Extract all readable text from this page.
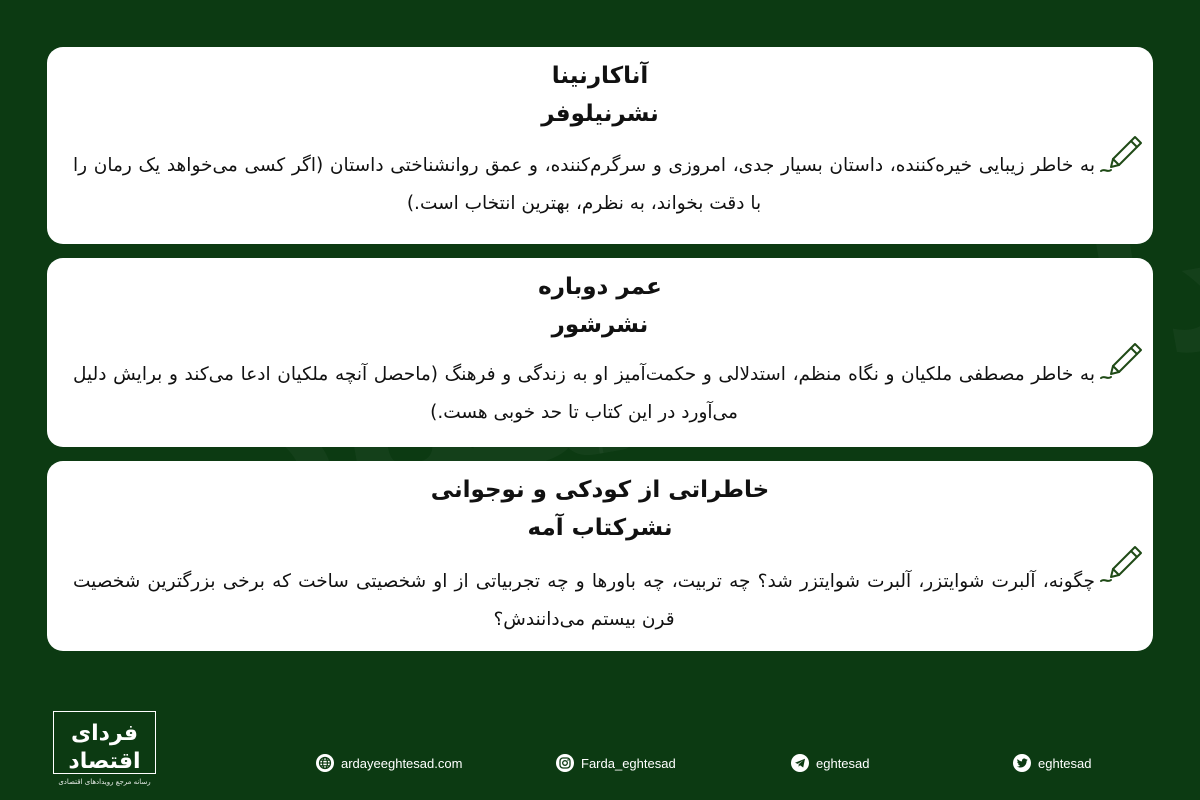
آناکارنینا
نشرنیلوفر
به خاطر زیبایی خیره‌کننده، داستان بسیار جدی، امروزی و سرگرم‌کننده، و عمق روانشناختی داستان (اگر کسی می‌خواهد یک رمان را با دقت بخواند، به نظرم، بهترین انتخاب است.)
عمر دوباره
نشرشور
به خاطر مصطفی ملکیان و نگاه منظم، استدلالی و حکمت‌آمیز او به زندگی و فرهنگ (ماحصل آنچه ملکیان ادعا می‌کند و برایش دلیل می‌آورد در این کتاب تا حد خوبی هست.)
خاطراتی از کودکی و نوجوانی
نشرکتاب آمه
چگونه، آلبرت شوایتزر، آلبرت شوایتزر شد؟ چه تربیت، چه باورها و چه تجربیاتی از او شخصیتی ساخت که برخی بزرگترین شخصیت قرن بیستم می‌دانندش؟
فردای اقتصاد
رسانه مرجع رویدادهای اقتصادی
ardayeeghtesad.com	Farda_eghtesad	eghtesad	eghtesad
